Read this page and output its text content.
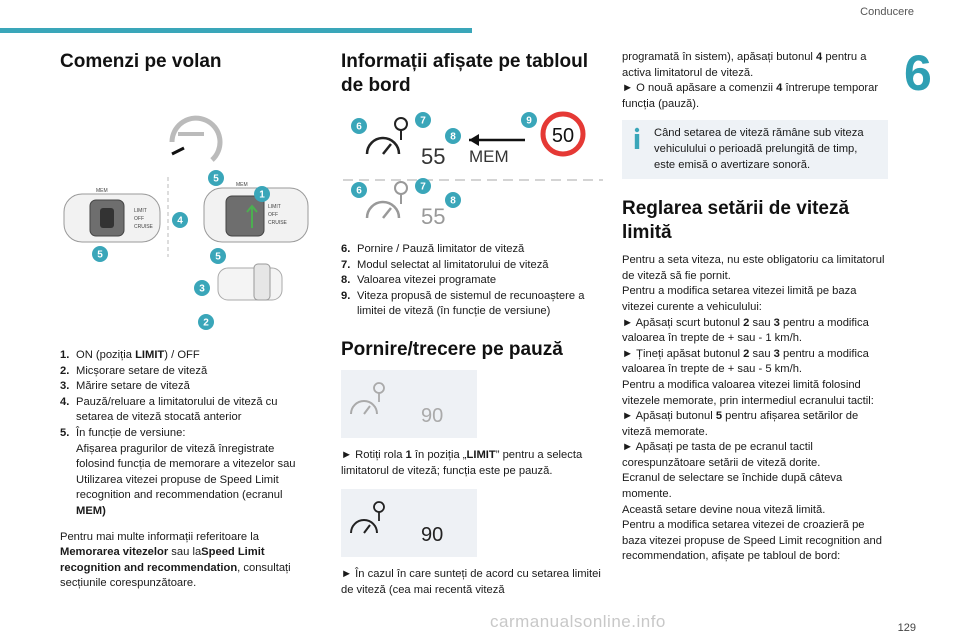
Conducere
6
Comenzi pe volan
LIMIT
OFF
CRUISE
MEM
LIMIT
OFF
CRUISE
MEM
1
2
3
4
5
5	5
1. ON (poziția LIMIT) / OFF
2. Micșorare setare de viteză
3. Mărire setare de viteză
4. Pauză/reluare a limitatorului de viteză cu setarea de viteză stocată anterior
5. În funcție de versiune:
Afișarea pragurilor de viteză înregistrate folosind funcția de memorare a vitezelor sau
Utilizarea vitezei propuse de Speed Limit recognition and recommendation (ecranul MEM)

Pentru mai multe informații referitoare la Memorarea vitezelor sau laSpeed Limit recognition and recommendation, consultați secțiunile corespunzătoare.

Informații afișate pe tabloul de bord
55 MEM
50
55
6
7
8
9
6	7
8
6. Pornire / Pauză limitator de viteză
7. Modul selectat al limitatorului de viteză
8. Valoarea vitezei programate
9. Viteza propusă de sistemul de recunoaștere a limitei de viteză (în funcție de versiune)
Pornire/trecere pe pauză
90

► Rotiți rola 1 în poziția „LIMIT” pentru a selecta limitatorul de viteză; funcția este pe pauză.

90

► În cazul în care sunteți de acord cu setarea limitei de viteză (cea mai recentă viteză

programată în sistem), apăsați butonul 4 pentru a activa limitatorul de viteză.

► O nouă apăsare a comenzii 4 întrerupe temporar funcția (pauză).

Când setarea de viteză rămâne sub viteza vehiculului o perioadă prelungită de timp, este emisă o avertizare sonoră.
Reglarea setării de viteză limită

Pentru a seta viteza, nu este obligatoriu ca limitatorul de viteză să fie pornit.

Pentru a modifica setarea vitezei limită pe baza vitezei curente a vehiculului:

► Apăsați scurt butonul 2 sau 3 pentru a modifica valoarea în trepte de + sau - 1 km/h.

► Țineți apăsat butonul 2 sau 3 pentru a modifica valoarea în trepte de + sau - 5 km/h.

Pentru a modifica valoarea vitezei limită folosind vitezele memorate, prin intermediul ecranului tactil:

► Apăsați butonul 5 pentru afișarea setărilor de viteză memorate.

► Apăsați pe tasta de pe ecranul tactil corespunzătoare setării de viteză dorite.

Ecranul de selectare se închide după câteva momente.

Această setare devine noua viteză limită.

Pentru a modifica setarea vitezei de croazieră pe baza vitezei propuse de Speed Limit recognition and recommendation, afișate pe tabloul de bord:

carmanualsonline.info	129
